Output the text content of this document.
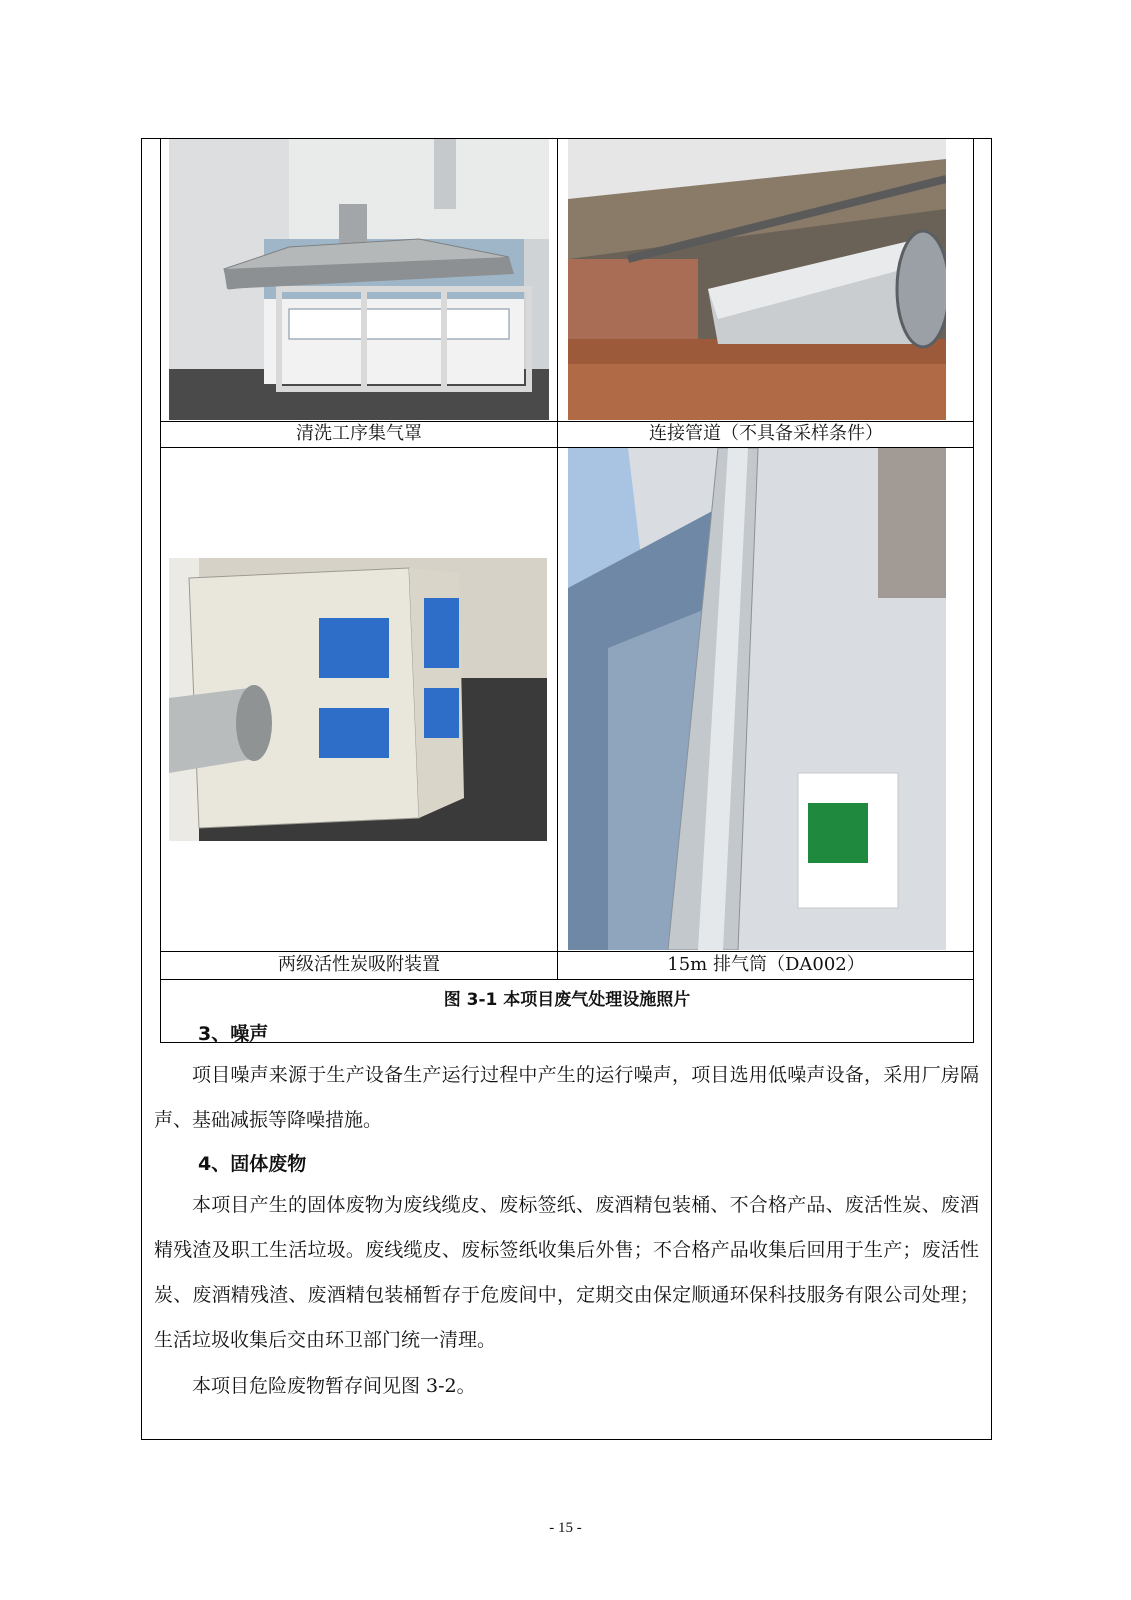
清洗工序集气罩	连接管道（不具备采样条件）
两级活性炭吸附装置	15m 排气筒（DA002）
图 3-1 本项目废气处理设施照片
3、噪声
项目噪声来源于生产设备生产运行过程中产生的运行噪声，项目选用低噪声设备，采用厂房隔声、基础减振等降噪措施。
4、固体废物
本项目产生的固体废物为废线缆皮、废标签纸、废酒精包装桶、不合格产品、废活性炭、废酒精残渣及职工生活垃圾。废线缆皮、废标签纸收集后外售；不合格产品收集后回用于生产；废活性炭、废酒精残渣、废酒精包装桶暂存于危废间中，定期交由保定顺通环保科技服务有限公司处理；生活垃圾收集后交由环卫部门统一清理。
本项目危险废物暂存间见图 3-2。
- 15 -
